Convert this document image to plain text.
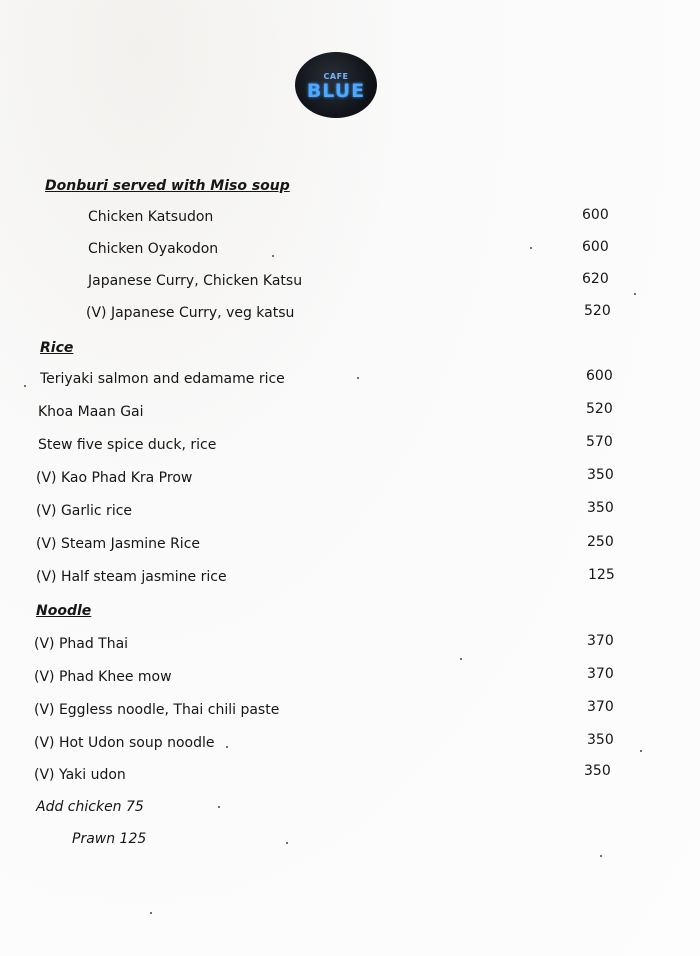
CAFE
BLUE
Donburi served with Miso soup
Chicken Katsudon	600
Chicken Oyakodon	600
Japanese Curry, Chicken Katsu	620
(V) Japanese Curry, veg katsu	520
Rice
Teriyaki salmon and edamame rice	600
Khoa Maan Gai	520
Stew five spice duck, rice	570
(V) Kao Phad Kra Prow	350
(V) Garlic rice	350
(V) Steam Jasmine Rice	250
(V) Half steam jasmine rice	125
Noodle
(V) Phad Thai	370
(V) Phad Khee mow	370
(V) Eggless noodle, Thai chili paste	370
(V) Hot Udon soup noodle	350
(V) Yaki udon	350
Add chicken 75
Prawn 125
